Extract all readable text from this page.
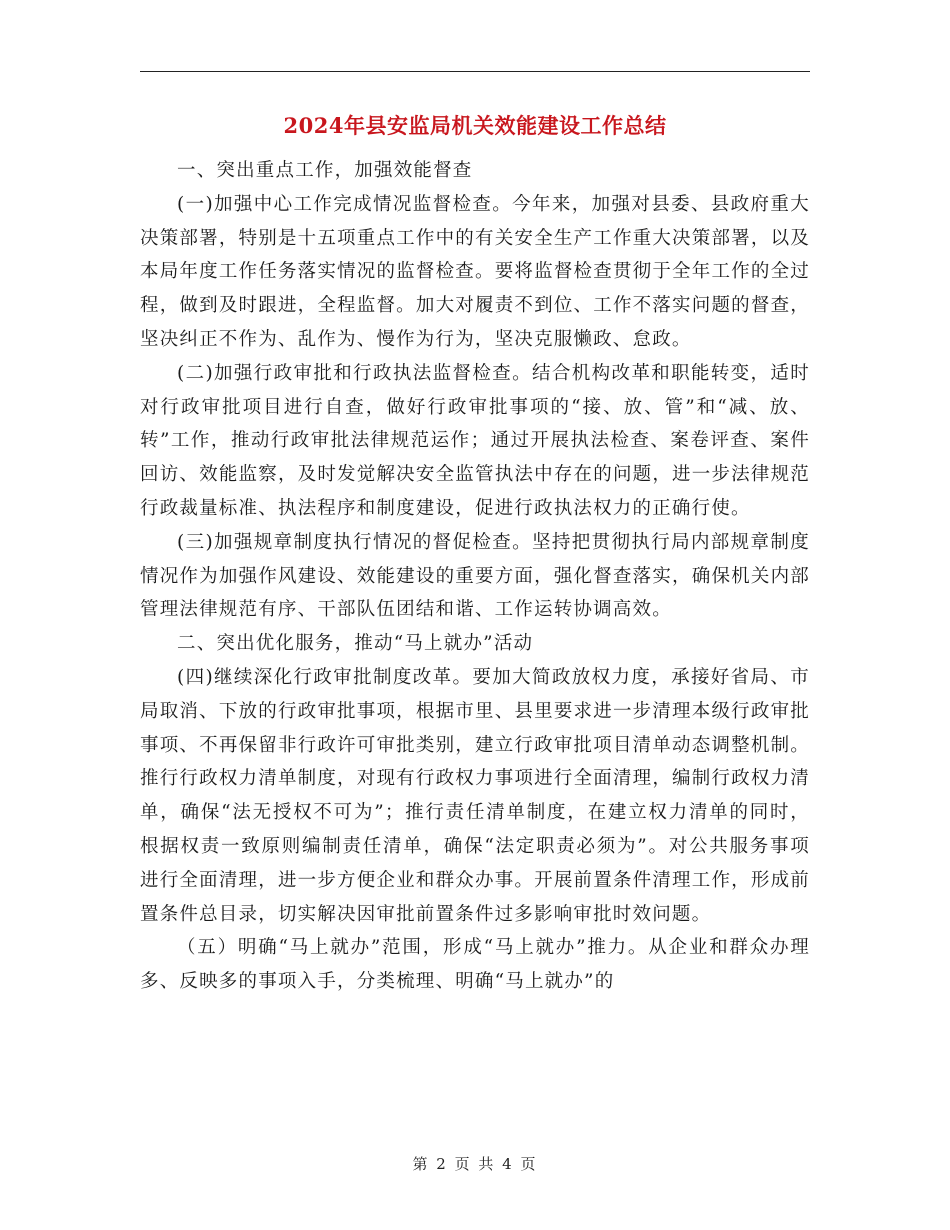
2024年县安监局机关效能建设工作总结

一、突出重点工作，加强效能督查

(一)加强中心工作完成情况监督检查。今年来，加强对县委、县政府重大决策部署，特别是十五项重点工作中的有关安全生产工作重大决策部署，以及本局年度工作任务落实情况的监督检查。要将监督检查贯彻于全年工作的全过程，做到及时跟进，全程监督。加大对履责不到位、工作不落实问题的督查，坚决纠正不作为、乱作为、慢作为行为，坚决克服懒政、怠政。

(二)加强行政审批和行政执法监督检查。结合机构改革和职能转变，适时对行政审批项目进行自查，做好行政审批事项的“接、放、管”和“减、放、转”工作，推动行政审批法律规范运作；通过开展执法检查、案卷评查、案件回访、效能监察，及时发觉解决安全监管执法中存在的问题，进一步法律规范行政裁量标准、执法程序和制度建设，促进行政执法权力的正确行使。

(三)加强规章制度执行情况的督促检查。坚持把贯彻执行局内部规章制度情况作为加强作风建设、效能建设的重要方面，强化督查落实，确保机关内部管理法律规范有序、干部队伍团结和谐、工作运转协调高效。

二、突出优化服务，推动“马上就办”活动

(四)继续深化行政审批制度改革。要加大简政放权力度，承接好省局、市局取消、下放的行政审批事项，根据市里、县里要求进一步清理本级行政审批事项、不再保留非行政许可审批类别，建立行政审批项目清单动态调整机制。推行行政权力清单制度，对现有行政权力事项进行全面清理，编制行政权力清单，确保“法无授权不可为”；推行责任清单制度，在建立权力清单的同时，根据权责一致原则编制责任清单，确保“法定职责必须为”。对公共服务事项进行全面清理，进一步方便企业和群众办事。开展前置条件清理工作，形成前置条件总目录，切实解决因审批前置条件过多影响审批时效问题。

（五）明确“马上就办”范围，形成“马上就办”推力。从企业和群众办理多、反映多的事项入手，分类梳理、明确“马上就办”的

第 2 页 共 4 页
